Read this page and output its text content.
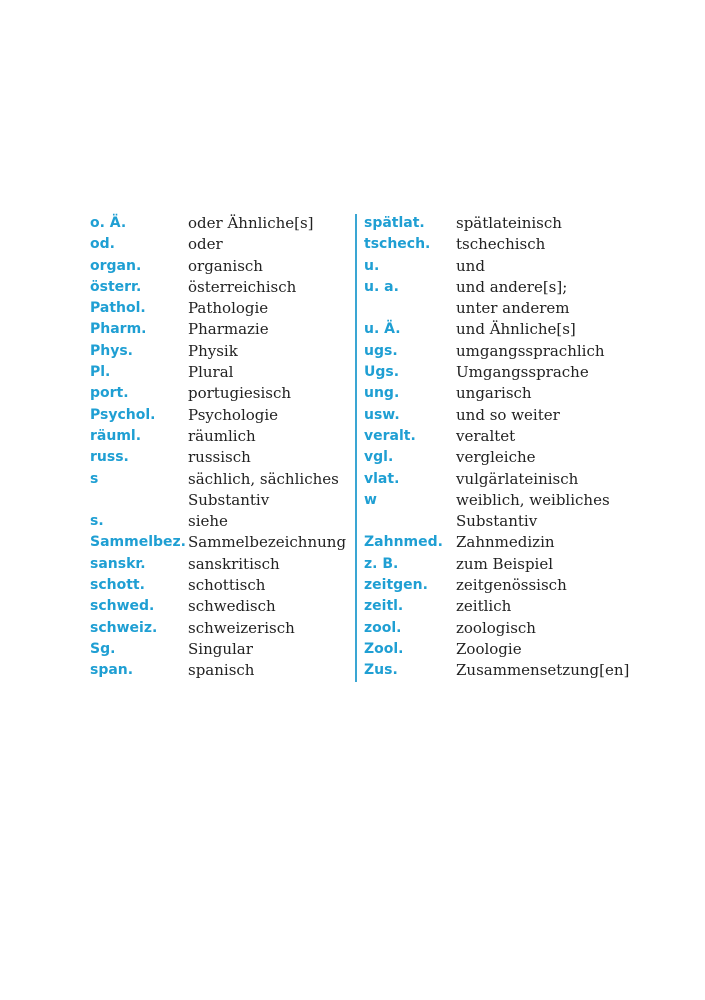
o. Ä.	oder Ähnliche[s]
od.	oder
organ.	organisch
österr.	österreichisch
Pathol.	Pathologie
Pharm.	Pharmazie
Phys.	Physik
Pl.	Plural
port.	portugiesisch
Psychol.	Psychologie
räuml.	räumlich
russ.	russisch
s	sächlich, sächliches
Substantiv
s.	siehe
Sammelbez. Sammelbezeichnung
sanskr.	sanskritisch
schott.	schottisch
schwed.	schwedisch
schweiz.	schweizerisch
Sg.	Singular
span.	spanisch
spätlat.	spätlateinisch
tschech.	tschechisch
u.	und
u. a.	und andere[s];
unter anderem
u. Ä.	und Ähnliche[s]
ugs.	umgangssprachlich
Ugs.	Umgangssprache
ung.	ungarisch
usw.	und so weiter
veralt.	veraltet
vgl.	vergleiche
vlat.	vulgärlateinisch
w	weiblich, weibliches
Substantiv
Zahnmed. Zahnmedizin
z. B.	zum Beispiel
zeitgen.	zeitgenössisch
zeitl.	zeitlich
zool.	zoologisch
Zool.	Zoologie
Zus.	Zusammensetzung[en]
